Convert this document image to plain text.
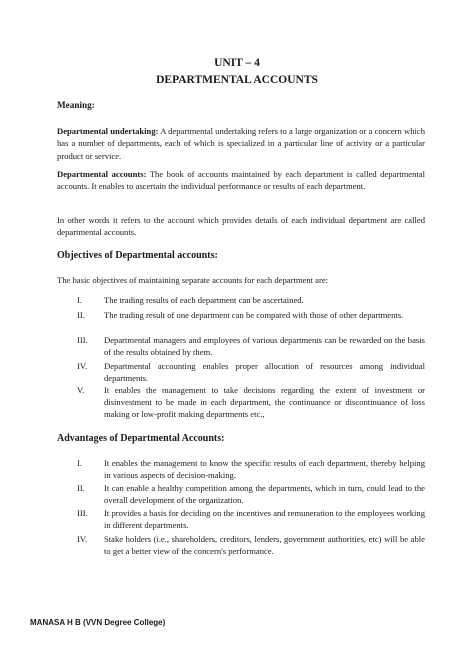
UNIT – 4
DEPARTMENTAL ACCOUNTS
Meaning:
Departmental undertaking: A departmental undertaking refers to a large organization or a concern which has a number of departments, each of which is specialized in a particular line of activity or a particular product or service.
Departmental accounts: The book of accounts maintained by each department is called departmental accounts. It enables to ascertain the individual performance or results of each department.
In other words it refers to the account which provides details of each individual department are called departmental accounts.
Objectives of Departmental accounts:
The basic objectives of maintaining separate accounts for each department are:
I.	The trading results of each department can be ascertained.
II.	The trading result of one department can be compared with those of other departments.
III.	Departmental managers and employees of various departments can be rewarded on the basis of the results obtained by them.
IV.	Departmental accounting enables proper allocation of resources among individual departments.
V.	It enables the management to take decisions regarding the extent of investment or disinvestment to be made in each department, the continuance or discontinuance of loss making or low-profit making departments etc.,
Advantages of Departmental Accounts:
I.	It enables the management to know the specific results of each department, thereby helping in various aspects of decision-making.
II.	It can enable a healthy competition among the departments, which in turn, could lead to the overall development of the organization.
III.	It provides a basis for deciding on the incentives and remuneration to the employees working in different departments.
IV.	Stake holders (i.e., shareholders, creditors, lenders, government authorities, etc) will be able to get a better view of the concern's performance.
MANASA H B (VVN Degree College)
